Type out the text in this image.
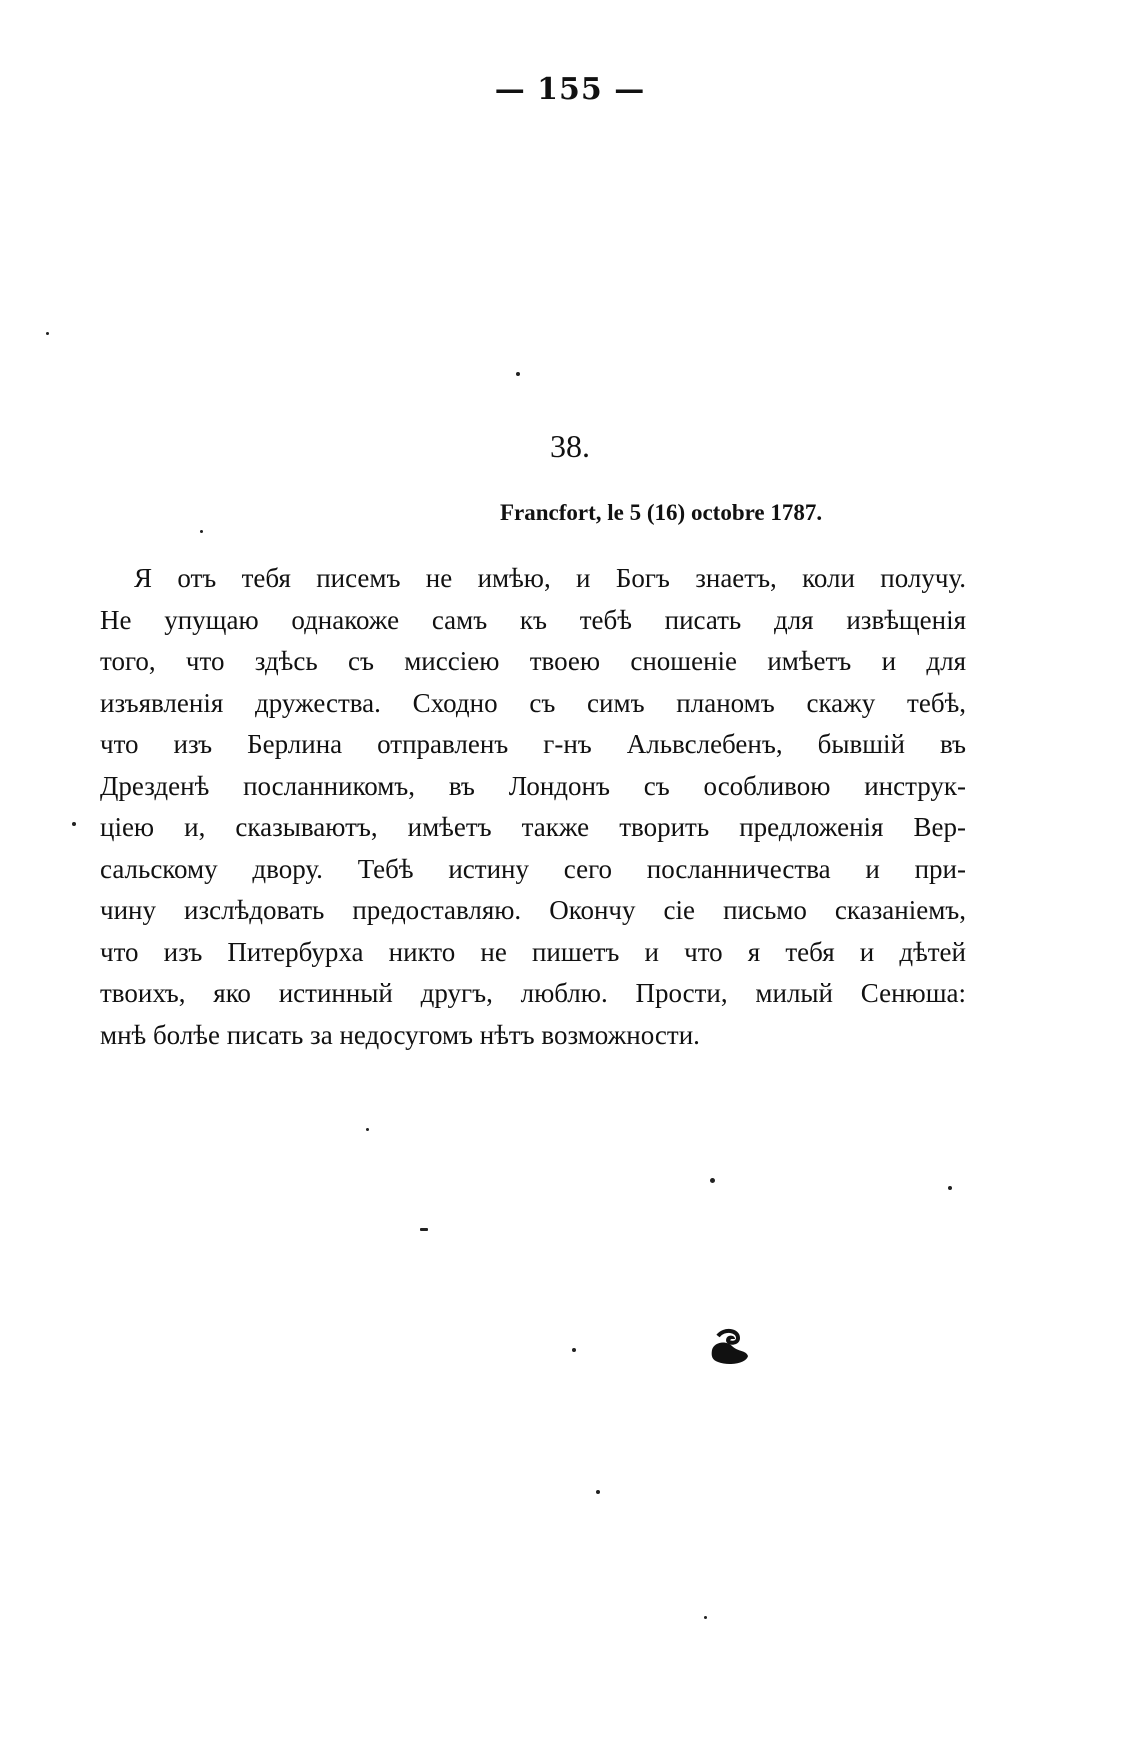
— 155 —
38.
Francfort, le 5 (16) octobre 1787.
Я отъ тебя писемъ не имѣю, и Богъ знаетъ, коли получу.
Не упущаю однакоже самъ къ тебѣ писать для извѣщенія
того, что здѣсь съ миссіею твоею сношеніе имѣетъ и для
изъявленія дружества. Сходно съ симъ планомъ скажу тебѣ,
что изъ Берлина отправленъ г-нъ Альвслебенъ, бывшій въ
Дрезденѣ посланникомъ, въ Лондонъ съ особливою инструк-
ціею и, сказываютъ, имѣетъ также творить предложенія Вер-
сальскому двору. Тебѣ истину сего посланничества и при-
чину изслѣдовать предоставляю. Окончу сіе письмо сказаніемъ,
что изъ Питербурха никто не пишетъ и что я тебя и дѣтей
твоихъ, яко истинный другъ, люблю. Прости, милый Сенюша:
мнѣ болѣе писать за недосугомъ нѣтъ возможности.
